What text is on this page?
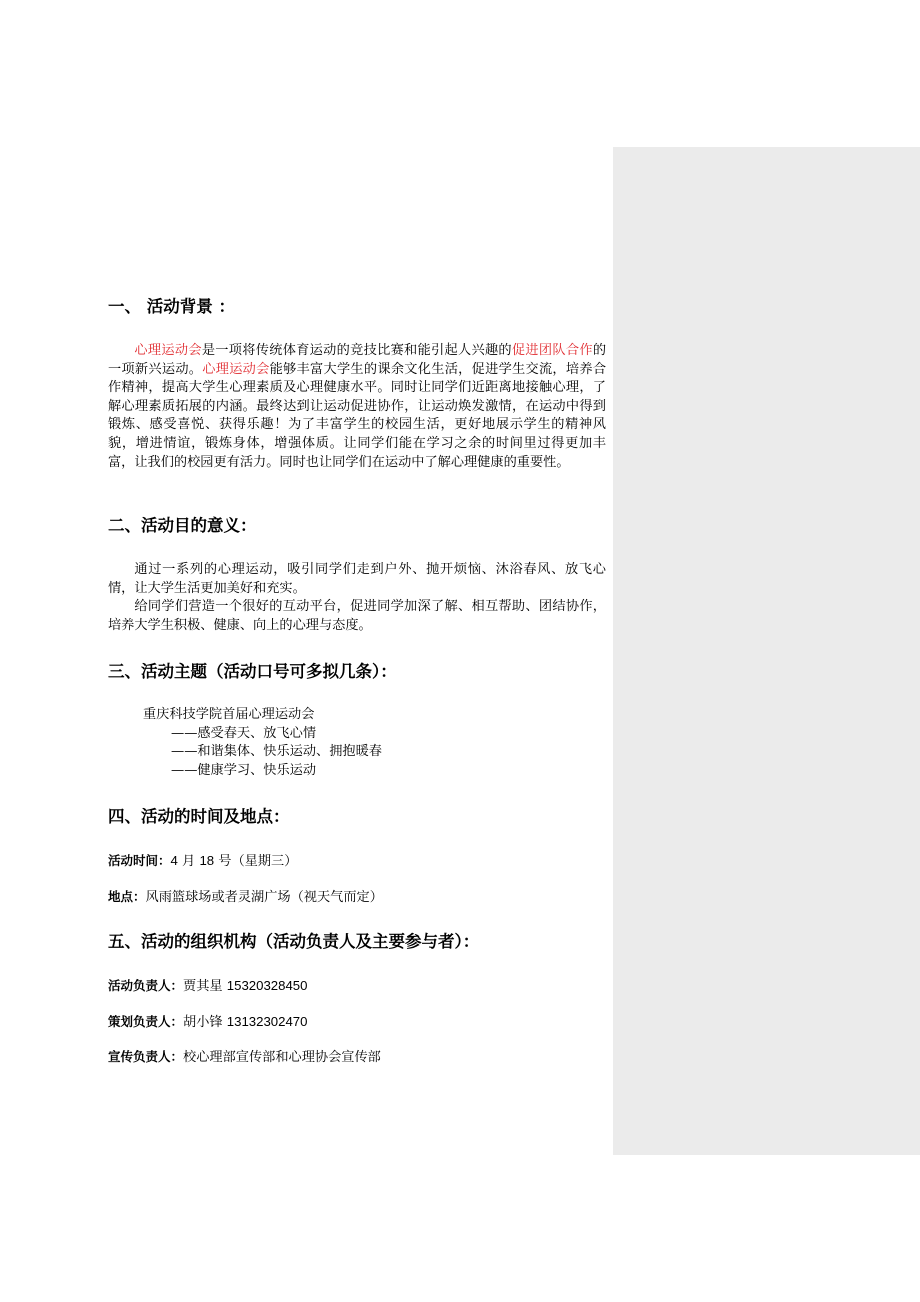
一、 活动背景 ：

心理运动会是一项将传统体育运动的竞技比赛和能引起人兴趣的促进团队合作的一项新兴运动。心理运动会能够丰富大学生的课余文化生活，促进学生交流，培养合作精神，提高大学生心理素质及心理健康水平。同时让同学们近距离地接触心理，了解心理素质拓展的内涵。最终达到让运动促进协作，让运动焕发激情，在运动中得到锻炼、感受喜悦、获得乐趣！为了丰富学生的校园生活，更好地展示学生的精神风貌，增进情谊，锻炼身体，增强体质。让同学们能在学习之余的时间里过得更加丰富，让我们的校园更有活力。同时也让同学们在运动中了解心理健康的重要性。

二、活动目的意义：

通过一系列的心理运动，吸引同学们走到户外、抛开烦恼、沐浴春风、放飞心情，让大学生活更加美好和充实。

给同学们营造一个很好的互动平台，促进同学加深了解、相互帮助、团结协作，培养大学生积极、健康、向上的心理与态度。

三、活动主题（活动口号可多拟几条）：
重庆科技学院首届心理运动会
——感受春天、放飞心情
——和谐集体、快乐运动、拥抱暖春
——健康学习、快乐运动
四、活动的时间及地点：
活动时间：4 月 18 号（星期三）
地点：风雨篮球场或者灵湖广场（视天气而定）
五、活动的组织机构（活动负责人及主要参与者）：
活动负责人：贾其星 15320328450
策划负责人：胡小锋 13132302470
宣传负责人：校心理部宣传部和心理协会宣传部
